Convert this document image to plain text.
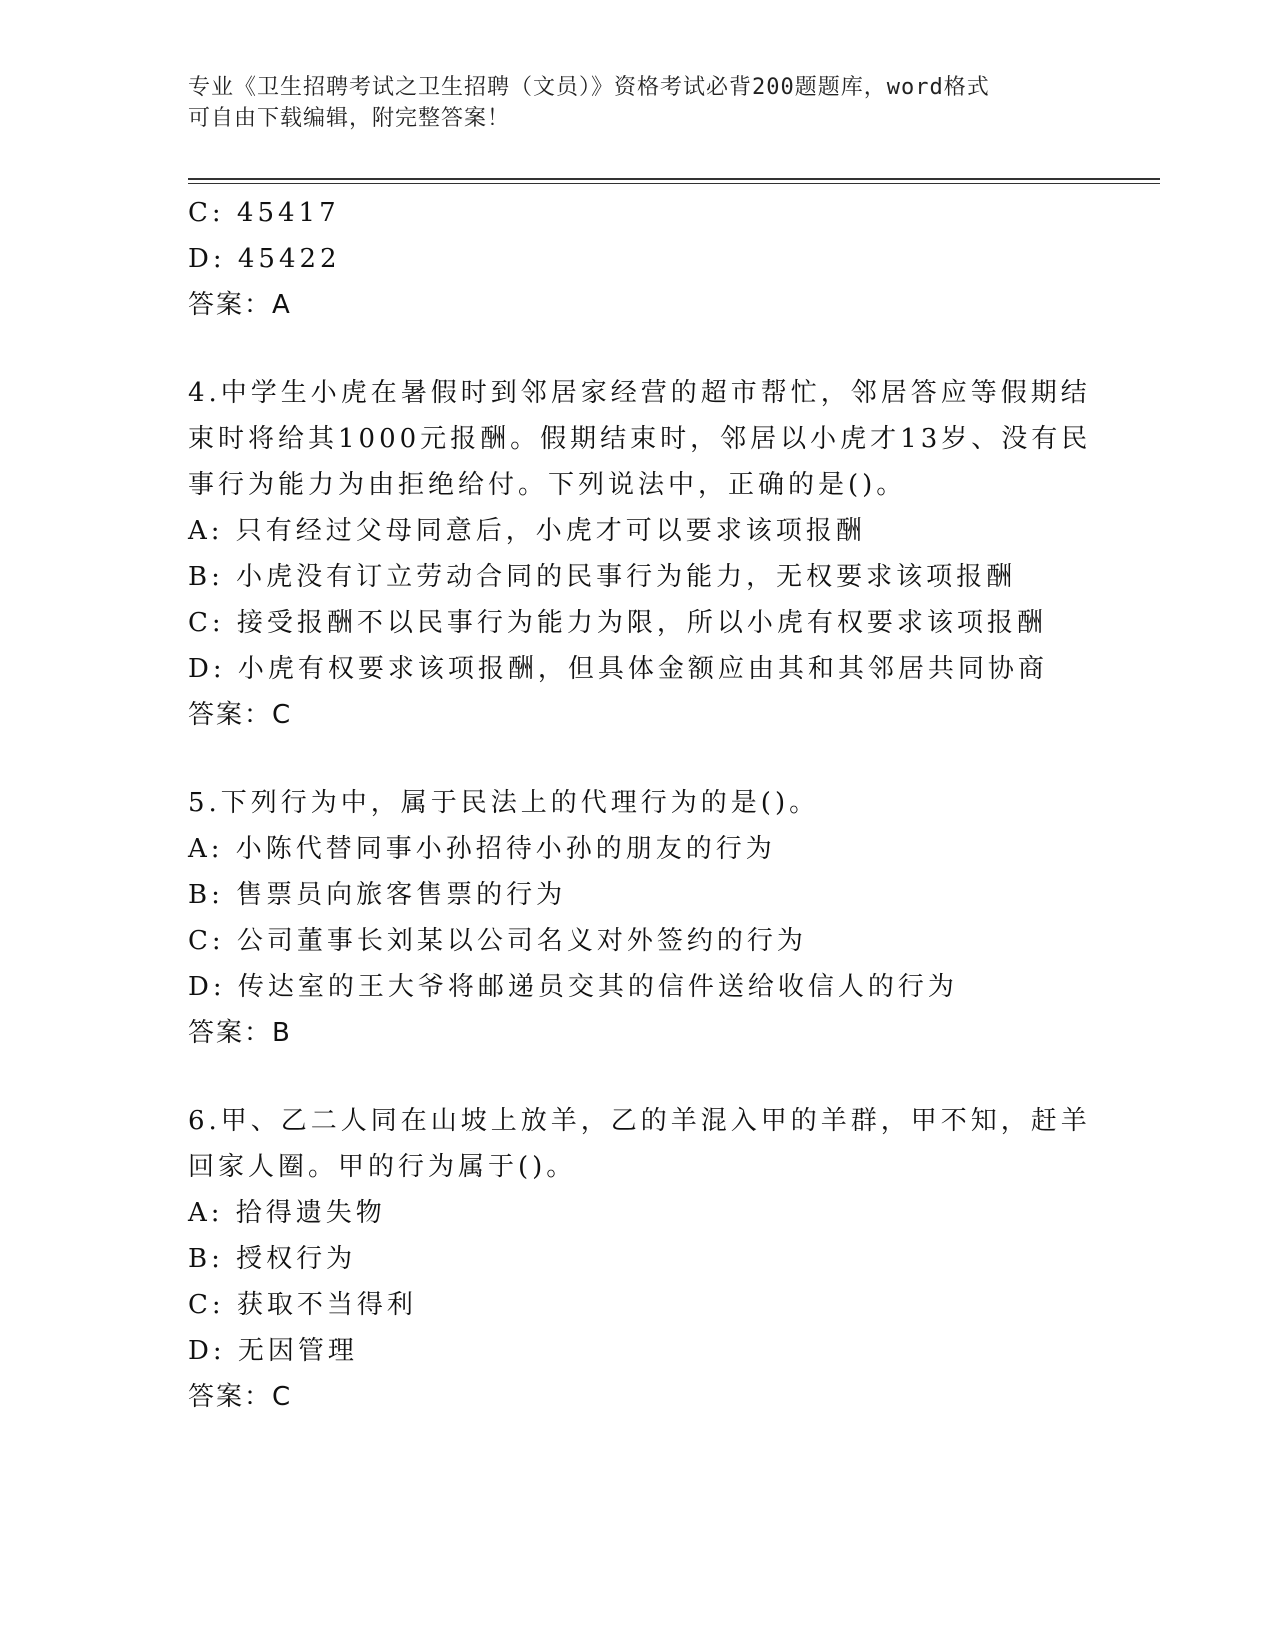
专业《卫生招聘考试之卫生招聘（文员）》资格考试必背200题题库，word格式
可自由下载编辑，附完整答案！
C: 45417
D: 45422
答案：A
4.中学生小虎在暑假时到邻居家经营的超市帮忙，邻居答应等假期结
束时将给其1000元报酬。假期结束时，邻居以小虎才13岁、没有民
事行为能力为由拒绝给付。下列说法中，正确的是()。
A: 只有经过父母同意后，小虎才可以要求该项报酬
B: 小虎没有订立劳动合同的民事行为能力，无权要求该项报酬
C: 接受报酬不以民事行为能力为限，所以小虎有权要求该项报酬
D: 小虎有权要求该项报酬，但具体金额应由其和其邻居共同协商
答案：C
5.下列行为中，属于民法上的代理行为的是()。
A: 小陈代替同事小孙招待小孙的朋友的行为
B: 售票员向旅客售票的行为
C: 公司董事长刘某以公司名义对外签约的行为
D: 传达室的王大爷将邮递员交其的信件送给收信人的行为
答案：B
6.甲、乙二人同在山坡上放羊，乙的羊混入甲的羊群，甲不知，赶羊
回家人圈。甲的行为属于()。
A: 拾得遗失物
B: 授权行为
C: 获取不当得利
D: 无因管理
答案：C
